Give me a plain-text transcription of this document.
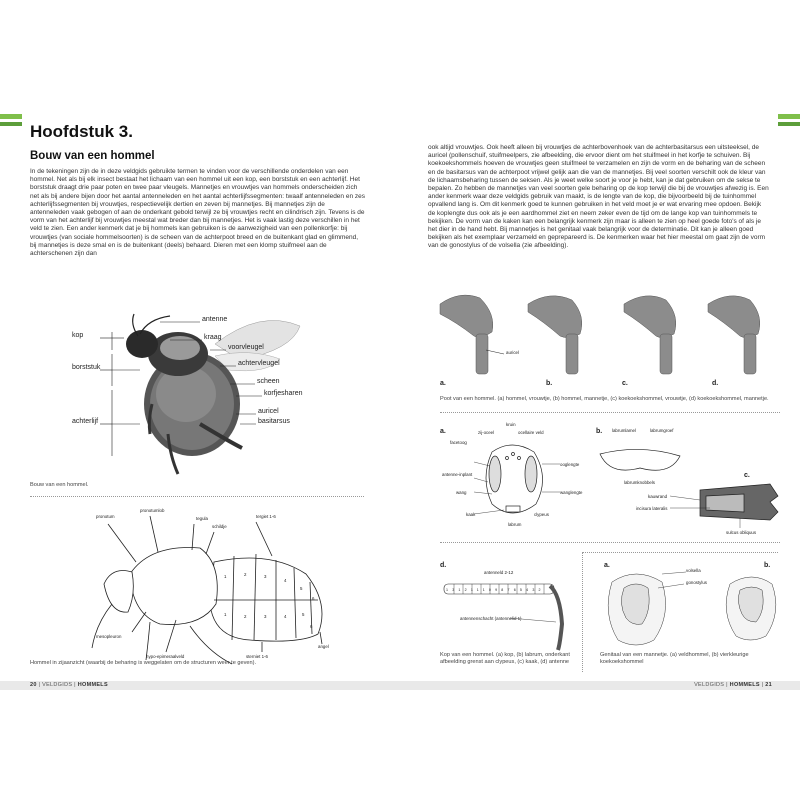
Hoofdstuk 3.
Bouw van een hommel
In de tekeningen zijn de in deze veldgids gebruikte termen te vinden voor de verschillende onderdelen van een hommel. Net als bij elk insect bestaat het lichaam van een hommel uit een kop, een borststuk en een achterlijf. Het borststuk draagt drie paar poten en twee paar vleugels. Mannetjes en vrouwtjes van hommels onderscheiden zich net als bij andere bijen door het aantal antenneleden en het aantal achterlijfssegmenten: twaalf antenneleden en zes achterlijfssegmenten bij vrouwtjes, respectievelijk dertien en zeven bij mannetjes. Bij mannetjes zijn de antenneleden vaak gebogen of aan de onderkant gebold terwijl ze bij vrouwtjes recht en cilindrisch zijn. Tevens is de vorm van het achterlijf bij vrouwtjes meestal wat breder dan bij mannetjes. Het is vaak lastig deze verschillen in het veld te zien. Een ander kenmerk dat je bij hommels kan gebruiken is de aanwezigheid van een pollenkorfje: bij vrouwtjes (van sociale hommelsoorten) is de scheen van de achterpoot breed en de buitenkant glad en glimmend, bij mannetjes is deze smal en is de buitenkant (deels) behaard. Dieren met een klomp stuifmeel aan de achterschenen zijn dan
kop
borststuk
achterlijf
antenne
kraag
voorvleugel
achtervleugel
scheen
korfjesharen
auricel
basitarsus
Bouw van een hommel.
pronotum
pronotumlob
tegula
schildje
tergiet 1-6
mesopleuron
hypo-epimeraalveld	sterniet 1-6
angel
1	2	3
4
5
6
1	2	3	4	5
6
Hommel in zijaanzicht (waarbij de beharing is weggelaten om de structuren weer te geven).
20 | VELDGIDS | HOMMELS
ook altijd vrouwtjes. Ook heeft alleen bij vrouwtjes de achterbovenhoek van de achterbasitarsus een uitsteeksel, de auricel (pollenschuif, stuifmeelpers, zie afbeelding, die ervoor dient om het stuifmeel in het korfje te schuiven. Bij koekoekshommels hoeven de vrouwtjes geen stuifmeel te verzamelen en zijn de vorm en de beharing van de scheen en de basitarsus van de achterpoot vrijwel gelijk aan die van de mannetjes. Bij veel soorten verschilt ook de kleur van de lichaamsbeharing tussen de seksen. Als je weet welke soort je voor je hebt, kan je dat gebruiken om de sekse te bepalen. Zo hebben de mannetjes van veel soorten gele beharing op de kop terwijl die bij de vrouwtjes afwezig is. Een ander kenmerk waar deze veldgids gebruik van maakt, is de lengte van de kop, die bijvoorbeeld bij de tuinhommel opvallend lang is. Om dit kenmerk goed te kunnen gebruiken in het veld moet je er wat ervaring mee opdoen. Bekijk de koplengte dus ook als je een aardhommel ziet en neem zeker even de tijd om de lange kop van tuinhommels te bekijken. De vorm van de kaken kan een belangrijk kenmerk zijn maar is alleen te zien op heel goede foto's of als je het dier in de hand hebt. Bij mannetjes is het genitaal vaak belangrijk voor de determinatie. Dit kan je alleen goed bekijken als het exemplaar verzameld en geprepareerd is. De kenmerken waar het hier meestal om gaat zijn de vorm van de gonostylus of de volsella (zie afbeelding).
auricel
a.	b.	c.	d.
Poot van een hommel. (a) hommel, vrouwtje, (b) hommel, mannetje, (c) koekoekshommel, vrouwtje, (d) koekoekshommel, mannetje.
a.	b.
c.
kruin
zij-oceel	ocellaire veld
facetoog
ooglengte
antenne-inplant
wang	wanglengte
kaak	clypeus
labrum
labrumlamel	labrumgroef
labrumknobbels
kauwrand
incisura lateralis
sulcus obliquus
d.
antenneld 2-12
1312111098765432
antennenschacht (antennelid 1)
Kop van een hommel. (a) kop, (b) labrum, onderkant afbeelding grenst aan clypeus, (c) kaak, (d) antenne
a.	b.
volsella
gonostylus
Genitaal van een mannetje. (a) veldhommel, (b) vierkleurige koekoekshommel
VELDGIDS | HOMMELS | 21
